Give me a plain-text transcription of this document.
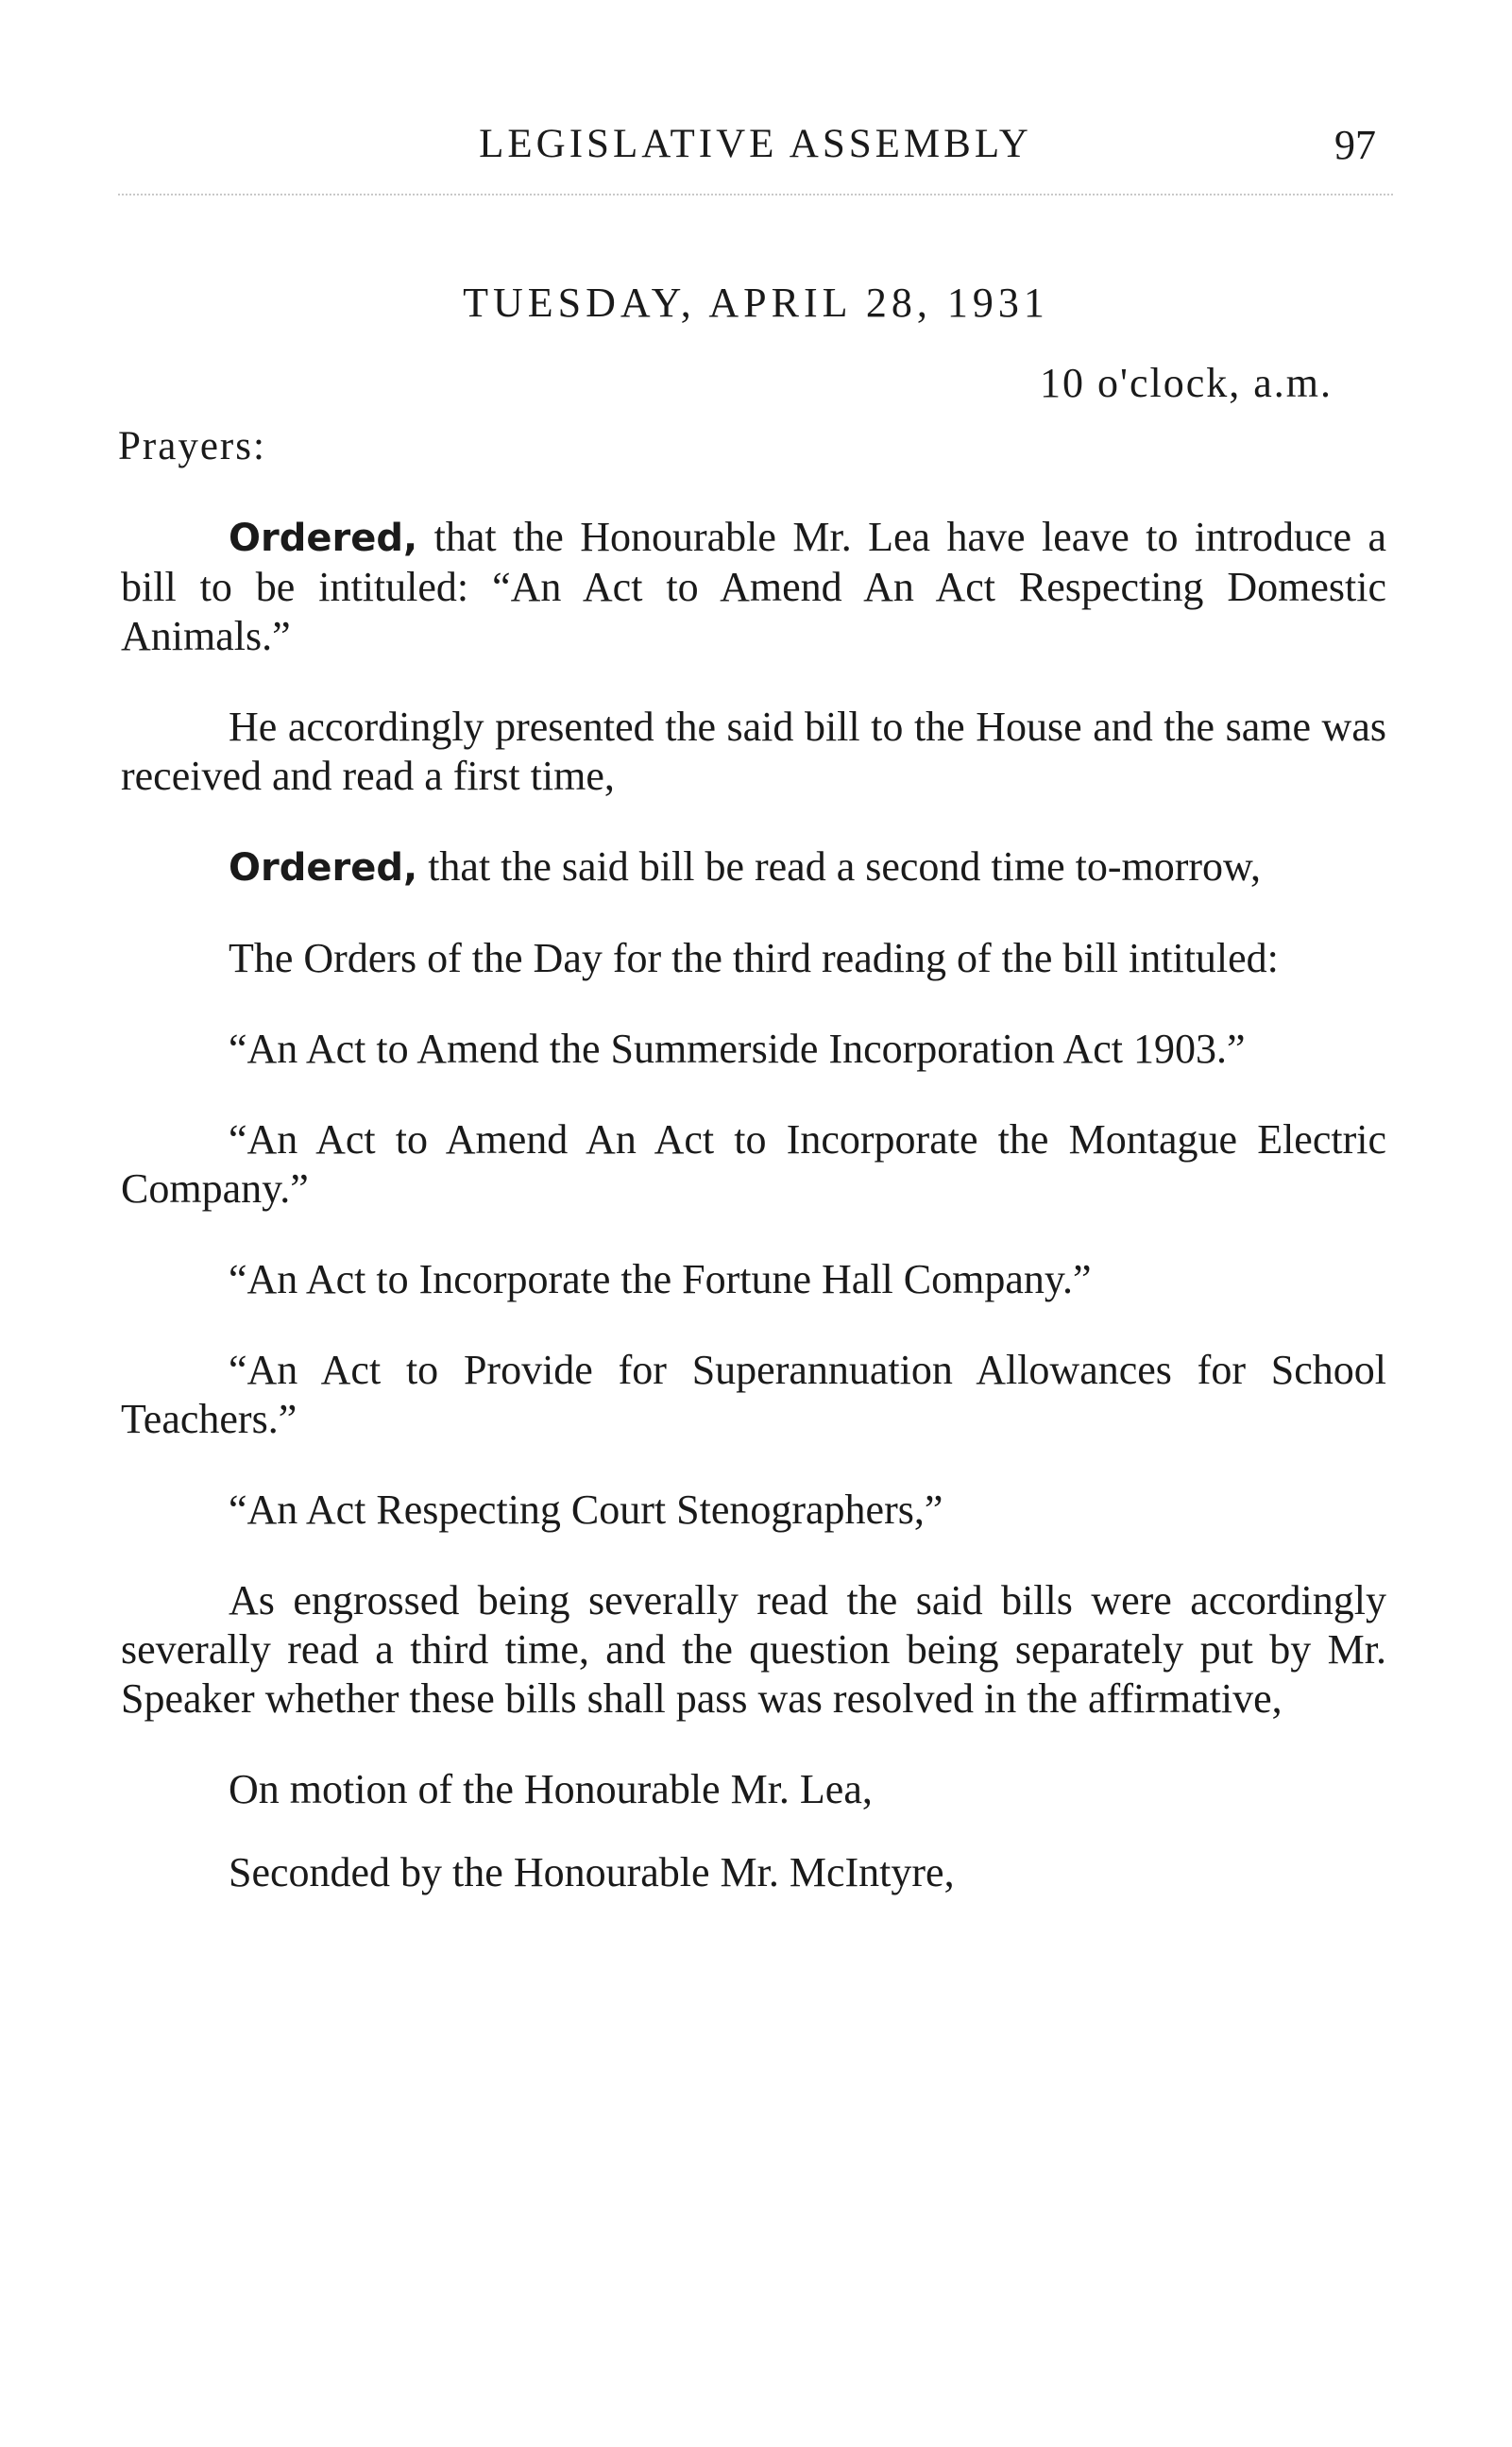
LEGISLATIVE ASSEMBLY	97
TUESDAY, APRIL 28, 1931
10 o'clock, a.m.
Prayers:

Ordered, that the Honourable Mr. Lea have leave to introduce a bill to be intituled: “An Act to Amend An Act Respecting Domestic Animals.”

He accordingly presented the said bill to the House and the same was received and read a first time,

Ordered, that the said bill be read a second time to-morrow,

The Orders of the Day for the third reading of the bill intituled:

“An Act to Amend the Summerside Incorporation Act 1903.”

“An Act to Amend An Act to Incorporate the Montague Electric Company.”

“An Act to Incorporate the Fortune Hall Company.”

“An Act to Provide for Superannuation Allowances for School Teachers.”

“An Act Respecting Court Stenographers,”

As engrossed being severally read the said bills were accordingly severally read a third time, and the question being separately put by Mr. Speaker whether these bills shall pass was resolved in the affirmative,

On motion of the Honourable Mr. Lea,

Seconded by the Honourable Mr. McIntyre,
